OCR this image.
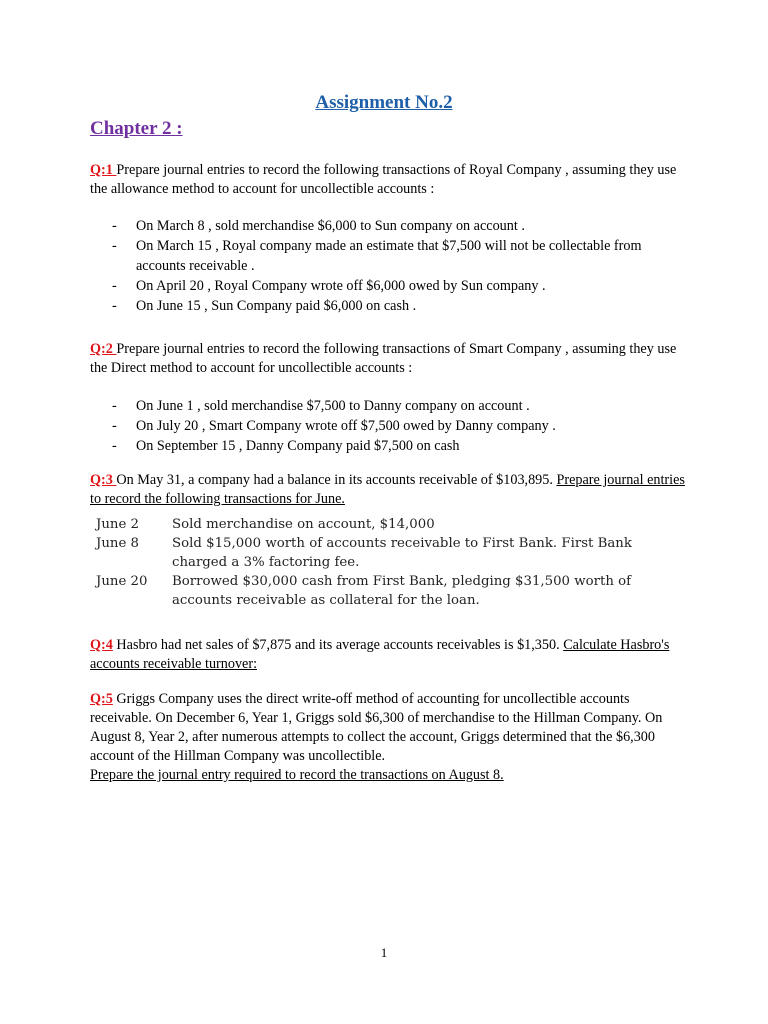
Assignment No.2
Chapter 2 :
Q:1 Prepare journal entries to record the following transactions of Royal Company , assuming they use the allowance method to account for uncollectible accounts :
- On March 8 , sold merchandise $6,000 to Sun company on account .
- On March 15 , Royal company made an estimate that $7,500 will not be collectable from accounts receivable .
- On April 20 , Royal Company wrote off $6,000 owed by Sun company .
- On June 15 , Sun Company paid $6,000 on cash .
Q:2 Prepare journal entries to record the following transactions of Smart Company , assuming they use the Direct method to account for uncollectible accounts :
- On June 1 , sold merchandise $7,500 to Danny company on account .
- On July 20 , Smart Company wrote off $7,500 owed by Danny company .
- On September 15 , Danny Company paid $7,500 on cash
Q:3 On May 31, a company had a balance in its accounts receivable of $103,895. Prepare journal entries to record the following transactions for June.
June 2	Sold merchandise on account, $14,000
June 8	Sold $15,000 worth of accounts receivable to First Bank. First Bank charged a 3% factoring fee.
June 20	Borrowed $30,000 cash from First Bank, pledging $31,500 worth of accounts receivable as collateral for the loan.
Q:4 Hasbro had net sales of $7,875 and its average accounts receivables is $1,350. Calculate Hasbro's accounts receivable turnover:
Q:5 Griggs Company uses the direct write-off method of accounting for uncollectible accounts receivable. On December 6, Year 1, Griggs sold $6,300 of merchandise to the Hillman Company. On August 8, Year 2, after numerous attempts to collect the account, Griggs determined that the $6,300 account of the Hillman Company was uncollectible.
Prepare the journal entry required to record the transactions on August 8.
1
